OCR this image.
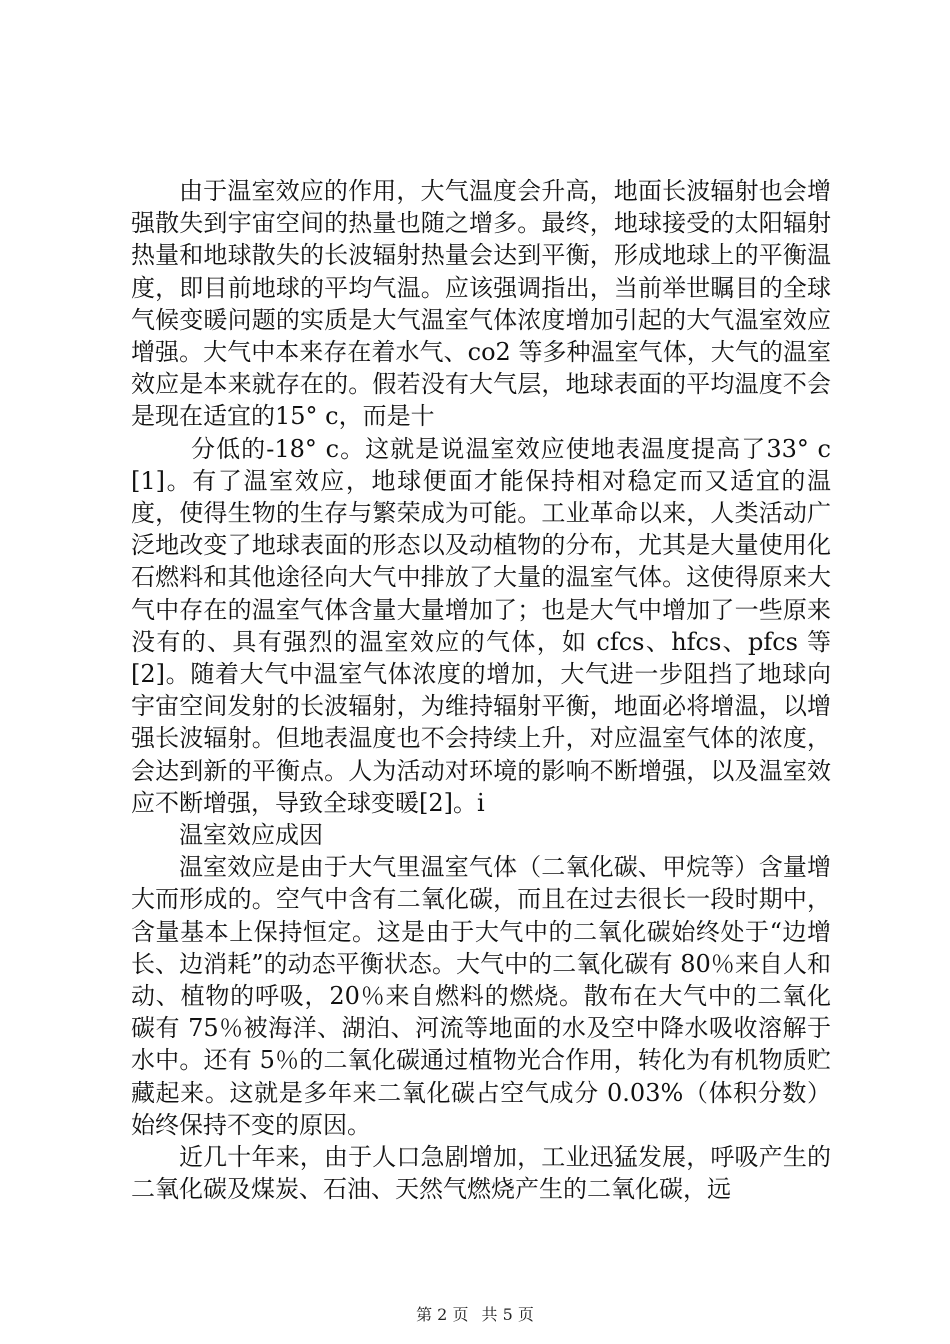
由于温室效应的作用，大气温度会升高，地面长波辐射也会增强散失到宇宙空间的热量也随之增多。最终，地球接受的太阳辐射热量和地球散失的长波辐射热量会达到平衡，形成地球上的平衡温度，即目前地球的平均气温。应该强调指出，当前举世瞩目的全球气候变暖问题的实质是大气温室气体浓度增加引起的大气温室效应增强。大气中本来存在着水气、co2 等多种温室气体，大气的温室效应是本来就存在的。假若没有大气层，地球表面的平均温度不会是现在适宜的15° c，而是十

分低的-18° c。这就是说温室效应使地表温度提高了33° c[1]。有了温室效应，地球便面才能保持相对稳定而又适宜的温度，使得生物的生存与繁荣成为可能。工业革命以来，人类活动广泛地改变了地球表面的形态以及动植物的分布，尤其是大量使用化石燃料和其他途径向大气中排放了大量的温室气体。这使得原来大气中存在的温室气体含量大量增加了；也是大气中增加了一些原来没有的、具有强烈的温室效应的气体，如 cfcs、hfcs、pfcs 等[2]。随着大气中温室气体浓度的增加，大气进一步阻挡了地球向宇宙空间发射的长波辐射，为维持辐射平衡，地面必将增温，以增强长波辐射。但地表温度也不会持续上升，对应温室气体的浓度，会达到新的平衡点。人为活动对环境的影响不断增强，以及温室效应不断增强，导致全球变暖[2]。i

温室效应成因

温室效应是由于大气里温室气体（二氧化碳、甲烷等）含量增大而形成的。空气中含有二氧化碳，而且在过去很长一段时期中，含量基本上保持恒定。这是由于大气中的二氧化碳始终处于“边增长、边消耗”的动态平衡状态。大气中的二氧化碳有 80％来自人和动、植物的呼吸，20％来自燃料的燃烧。散布在大气中的二氧化碳有 75％被海洋、湖泊、河流等地面的水及空中降水吸收溶解于水中。还有 5％的二氧化碳通过植物光合作用，转化为有机物质贮藏起来。这就是多年来二氧化碳占空气成分 0.03%（体积分数）始终保持不变的原因。

近几十年来，由于人口急剧增加，工业迅猛发展，呼吸产生的二氧化碳及煤炭、石油、天然气燃烧产生的二氧化碳，远

第 2 页 共 5 页
